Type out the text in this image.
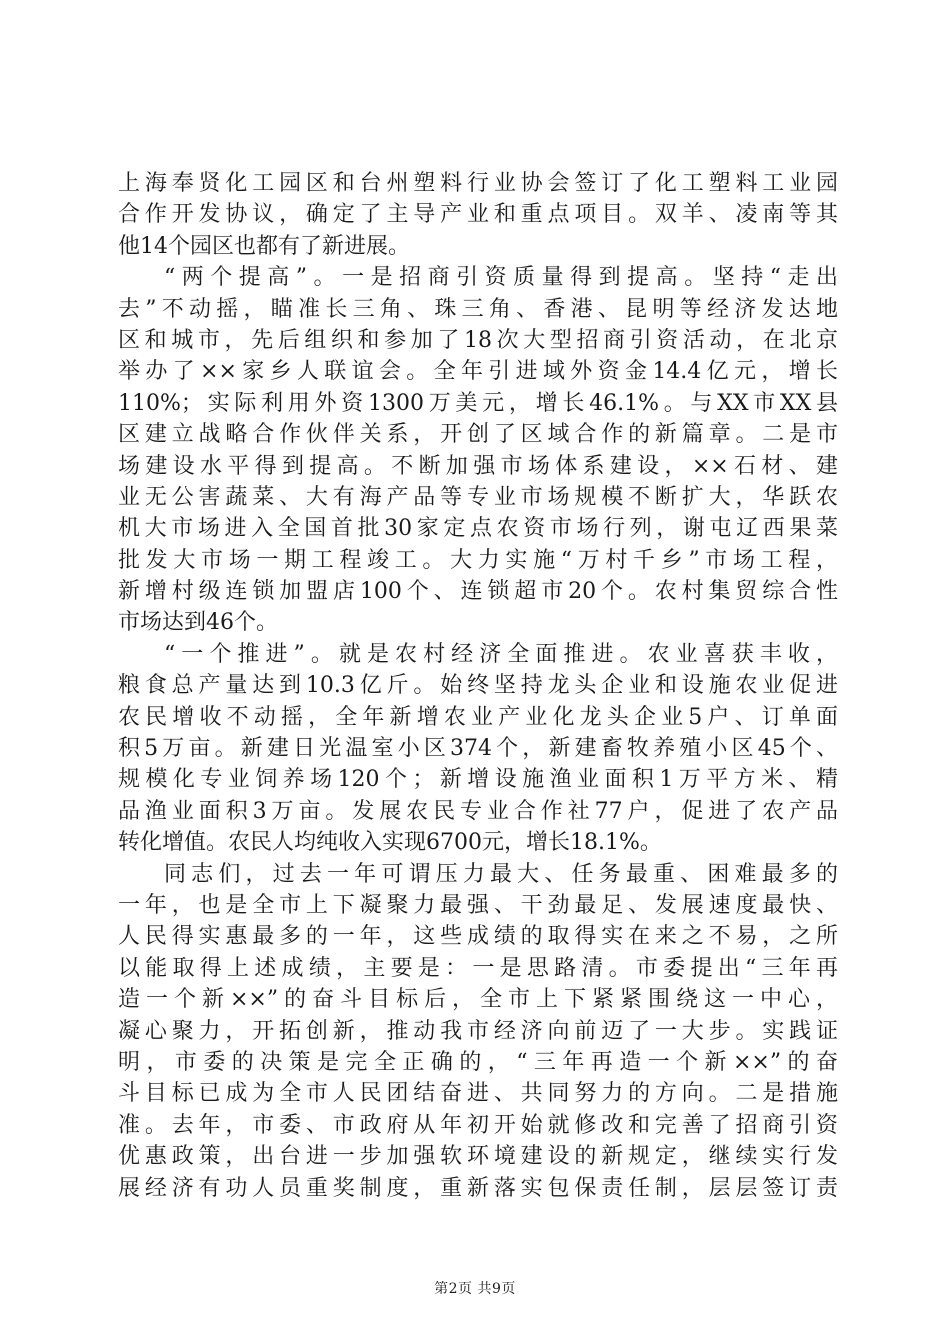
上海奉贤化工园区和台州塑料行业协会签订了化工塑料工业园
合作开发协议，确定了主导产业和重点项目。双羊、凌南等其
他14个园区也都有了新进展。
“两个提高”。一是招商引资质量得到提高。坚持“走出
去”不动摇，瞄准长三角、珠三角、香港、昆明等经济发达地
区和城市，先后组织和参加了18次大型招商引资活动，在北京
举办了××家乡人联谊会。全年引进域外资金14.4亿元，增长
110%；实际利用外资1300万美元，增长46.1%。与XX市XX县
区建立战略合作伙伴关系，开创了区域合作的新篇章。二是市
场建设水平得到提高。不断加强市场体系建设，××石材、建
业无公害蔬菜、大有海产品等专业市场规模不断扩大，华跃农
机大市场进入全国首批30家定点农资市场行列，谢屯辽西果菜
批发大市场一期工程竣工。大力实施“万村千乡”市场工程，
新增村级连锁加盟店100个、连锁超市20个。农村集贸综合性
市场达到46个。
“一个推进”。就是农村经济全面推进。农业喜获丰收，
粮食总产量达到10.3亿斤。始终坚持龙头企业和设施农业促进
农民增收不动摇，全年新增农业产业化龙头企业5户、订单面
积5万亩。新建日光温室小区374个，新建畜牧养殖小区45个、
规模化专业饲养场120个；新增设施渔业面积1万平方米、精
品渔业面积3万亩。发展农民专业合作社77户，促进了农产品
转化增值。农民人均纯收入实现6700元，增长18.1%。
同志们，过去一年可谓压力最大、任务最重、困难最多的
一年，也是全市上下凝聚力最强、干劲最足、发展速度最快、
人民得实惠最多的一年，这些成绩的取得实在来之不易，之所
以能取得上述成绩，主要是：一是思路清。市委提出“三年再
造一个新××”的奋斗目标后，全市上下紧紧围绕这一中心，
凝心聚力，开拓创新，推动我市经济向前迈了一大步。实践证
明，市委的决策是完全正确的，“三年再造一个新××”的奋
斗目标已成为全市人民团结奋进、共同努力的方向。二是措施
准。去年，市委、市政府从年初开始就修改和完善了招商引资
优惠政策，出台进一步加强软环境建设的新规定，继续实行发
展经济有功人员重奖制度，重新落实包保责任制，层层签订责
第2页 共9页
